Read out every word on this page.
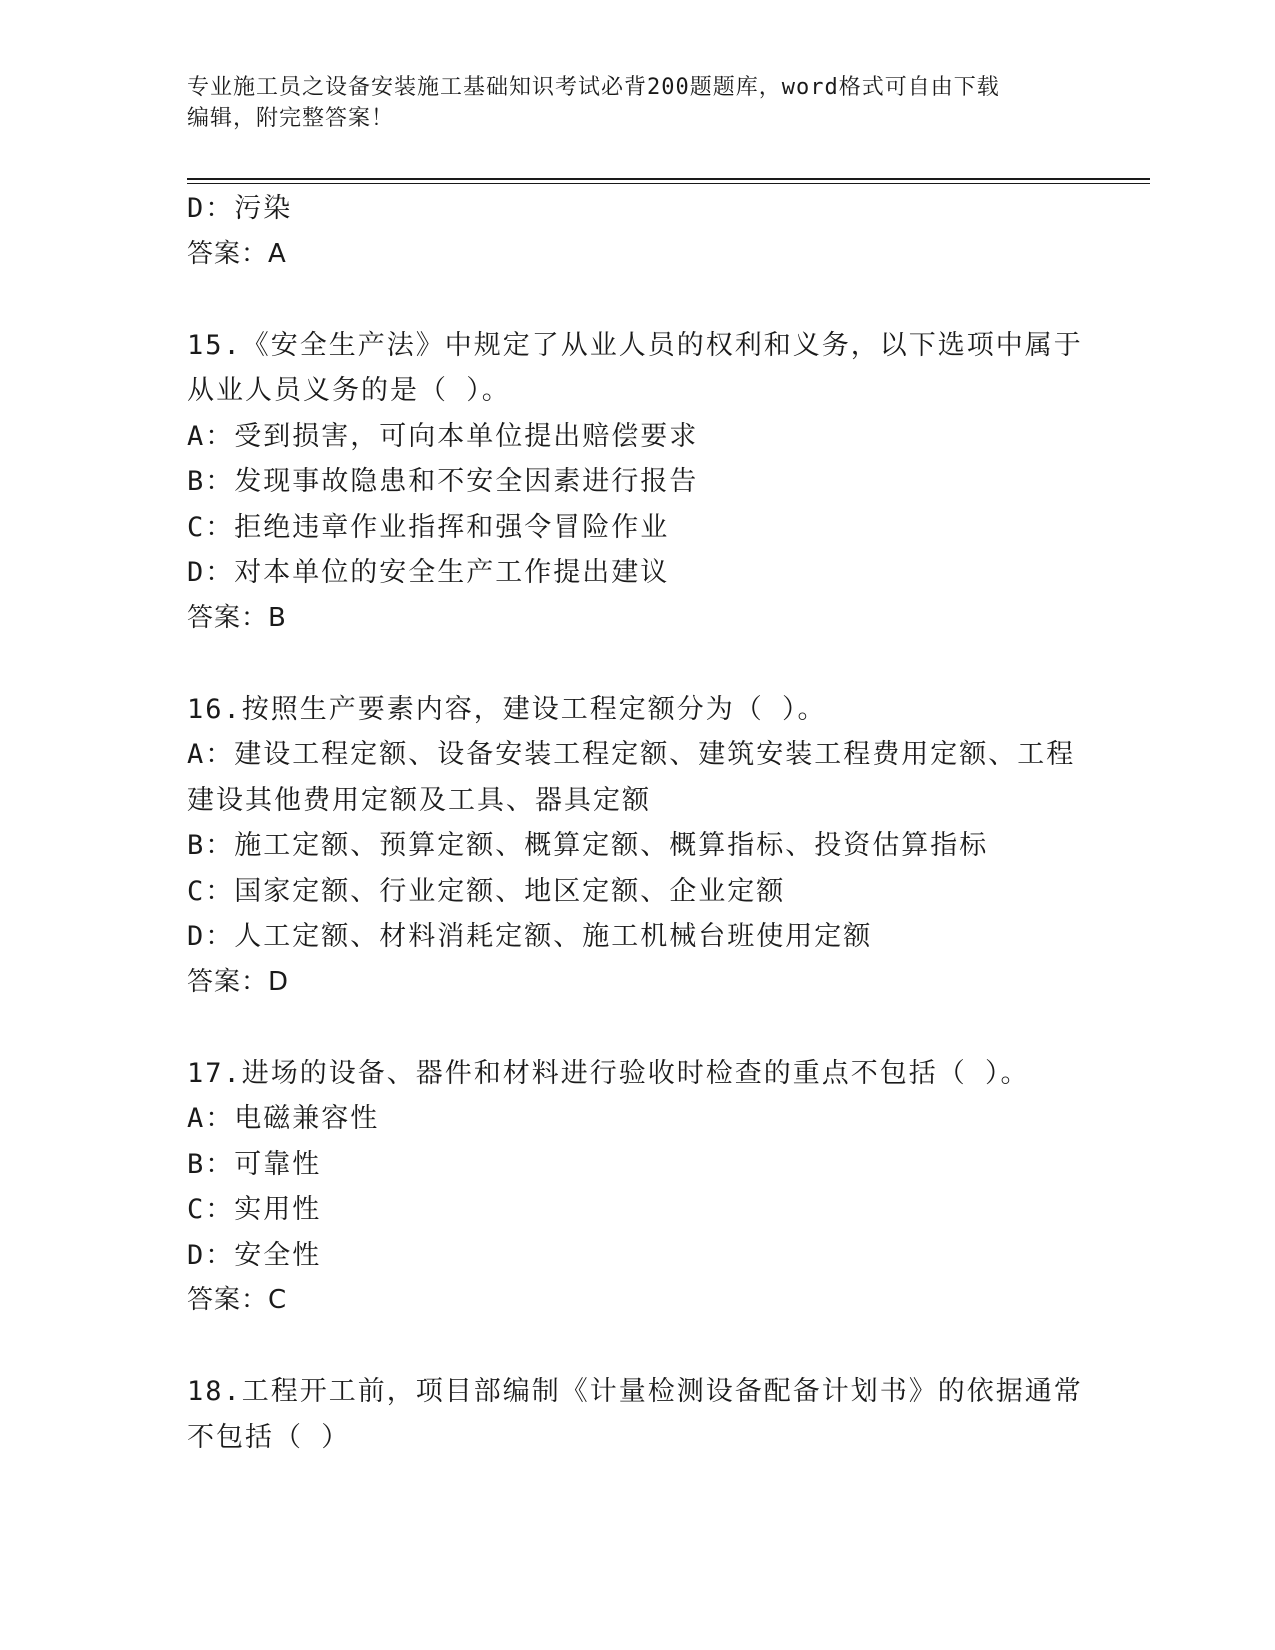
专业施工员之设备安装施工基础知识考试必背200题题库，word格式可自由下载
编辑，附完整答案！
D：污染
答案：A
15.《安全生产法》中规定了从业人员的权利和义务，以下选项中属于
从业人员义务的是（ ）。
A：受到损害，可向本单位提出赔偿要求
B：发现事故隐患和不安全因素进行报告
C：拒绝违章作业指挥和强令冒险作业
D：对本单位的安全生产工作提出建议
答案：B
16.按照生产要素内容，建设工程定额分为（ ）。
A：建设工程定额、设备安装工程定额、建筑安装工程费用定额、工程
建设其他费用定额及工具、器具定额
B：施工定额、预算定额、概算定额、概算指标、投资估算指标
C：国家定额、行业定额、地区定额、企业定额
D：人工定额、材料消耗定额、施工机械台班使用定额
答案：D
17.进场的设备、器件和材料进行验收时检查的重点不包括（ ）。
A：电磁兼容性
B：可靠性
C：实用性
D：安全性
答案：C
18.工程开工前，项目部编制《计量检测设备配备计划书》的依据通常
不包括（ ）
